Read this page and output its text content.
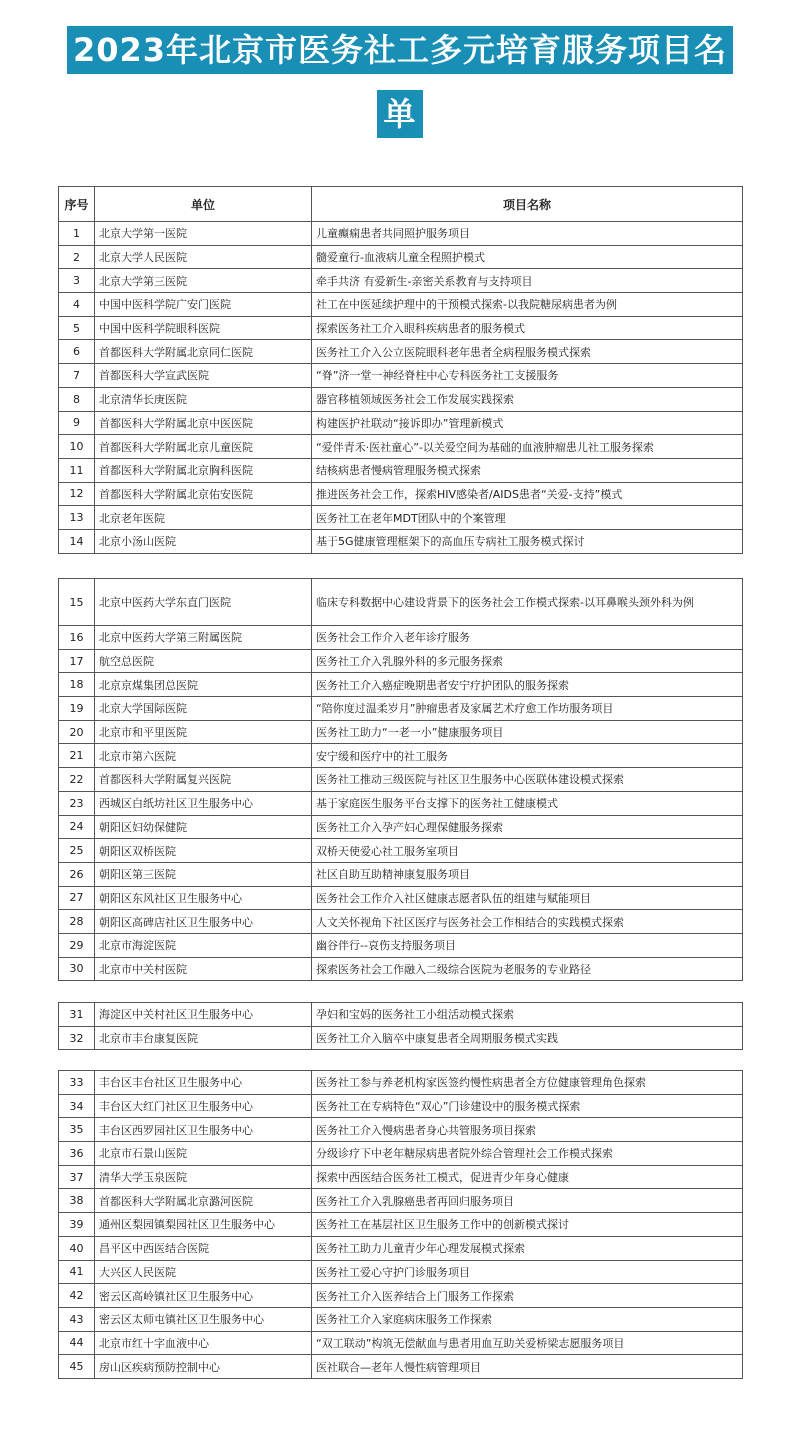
2023年北京市医务社工多元培育服务项目名
单
序号	单位	项目名称
1	北京大学第一医院	儿童癫痫患者共同照护服务项目
2	北京大学人民医院	髓爱童行-血液病儿童全程照护模式
3	北京大学第三医院	牵手共济 有爱新生-亲密关系教育与支持项目
4	中国中医科学院广安门医院	社工在中医延续护理中的干预模式探索-以我院糖尿病患者为例
5	中国中医科学院眼科医院	探索医务社工介入眼科疾病患者的服务模式
6	首都医科大学附属北京同仁医院	医务社工介入公立医院眼科老年患者全病程服务模式探索
7	首都医科大学宣武医院	“脊”济一堂一神经脊柱中心专科医务社工支援服务
8	北京清华长庚医院	器官移植领域医务社会工作发展实践探索
9	首都医科大学附属北京中医医院	构建医护社联动“接诉即办”管理新模式
10	首都医科大学附属北京儿童医院	“爱伴青禾·医社童心”-以关爱空间为基础的血液肿瘤患儿社工服务探索
11	首都医科大学附属北京胸科医院	结核病患者慢病管理服务模式探索
12	首都医科大学附属北京佑安医院	推进医务社会工作，探索HIV感染者/AIDS患者“关爱-支持”模式
13	北京老年医院	医务社工在老年MDT团队中的个案管理
14	北京小汤山医院	基于5G健康管理框架下的高血压专病社工服务模式探讨
15	北京中医药大学东直门医院	临床专科数据中心建设背景下的医务社会工作模式探索-以耳鼻喉头颈外科为例
16	北京中医药大学第三附属医院	医务社会工作介入老年诊疗服务
17	航空总医院	医务社工介入乳腺外科的多元服务探索
18	北京京煤集团总医院	医务社工介入癌症晚期患者安宁疗护团队的服务探索
19	北京大学国际医院	“陪你度过温柔岁月”肿瘤患者及家属艺术疗愈工作坊服务项目
20	北京市和平里医院	医务社工助力“一老一小”健康服务项目
21	北京市第六医院	安宁缓和医疗中的社工服务
22	首都医科大学附属复兴医院	医务社工推动三级医院与社区卫生服务中心医联体建设模式探索
23	西城区白纸坊社区卫生服务中心	基于家庭医生服务平台支撑下的医务社工健康模式
24	朝阳区妇幼保健院	医务社工介入孕产妇心理保健服务探索
25	朝阳区双桥医院	双桥天使爱心社工服务室项目
26	朝阳区第三医院	社区自助互助精神康复服务项目
27	朝阳区东风社区卫生服务中心	医务社会工作介入社区健康志愿者队伍的组建与赋能项目
28	朝阳区高碑店社区卫生服务中心	人文关怀视角下社区医疗与医务社会工作相结合的实践模式探索
29	北京市海淀医院	幽谷伴行--哀伤支持服务项目
30	北京市中关村医院	探索医务社会工作融入二级综合医院为老服务的专业路径
31	海淀区中关村社区卫生服务中心	孕妇和宝妈的医务社工小组活动模式探索
32	北京市丰台康复医院	医务社工介入脑卒中康复患者全周期服务模式实践
33	丰台区丰台社区卫生服务中心	医务社工参与养老机构家医签约慢性病患者全方位健康管理角色探索
34	丰台区大红门社区卫生服务中心	医务社工在专病特色“双心”门诊建设中的服务模式探索
35	丰台区西罗园社区卫生服务中心	医务社工介入慢病患者身心共管服务项目探索
36	北京市石景山医院	分级诊疗下中老年糖尿病患者院外综合管理社会工作模式探索
37	清华大学玉泉医院	探索中西医结合医务社工模式，促进青少年身心健康
38	首都医科大学附属北京潞河医院	医务社工介入乳腺癌患者再回归服务项目
39	通州区梨园镇梨园社区卫生服务中心	医务社工在基层社区卫生服务工作中的创新模式探讨
40	昌平区中西医结合医院	医务社工助力儿童青少年心理发展模式探索
41	大兴区人民医院	医务社工爱心守护门诊服务项目
42	密云区高岭镇社区卫生服务中心	医务社工介入医养结合上门服务工作探索
43	密云区太师屯镇社区卫生服务中心	医务社工介入家庭病床服务工作探索
44	北京市红十字血液中心	“双工联动”构筑无偿献血与患者用血互助关爱桥梁志愿服务项目
45	房山区疾病预防控制中心	医社联合—老年人慢性病管理项目
